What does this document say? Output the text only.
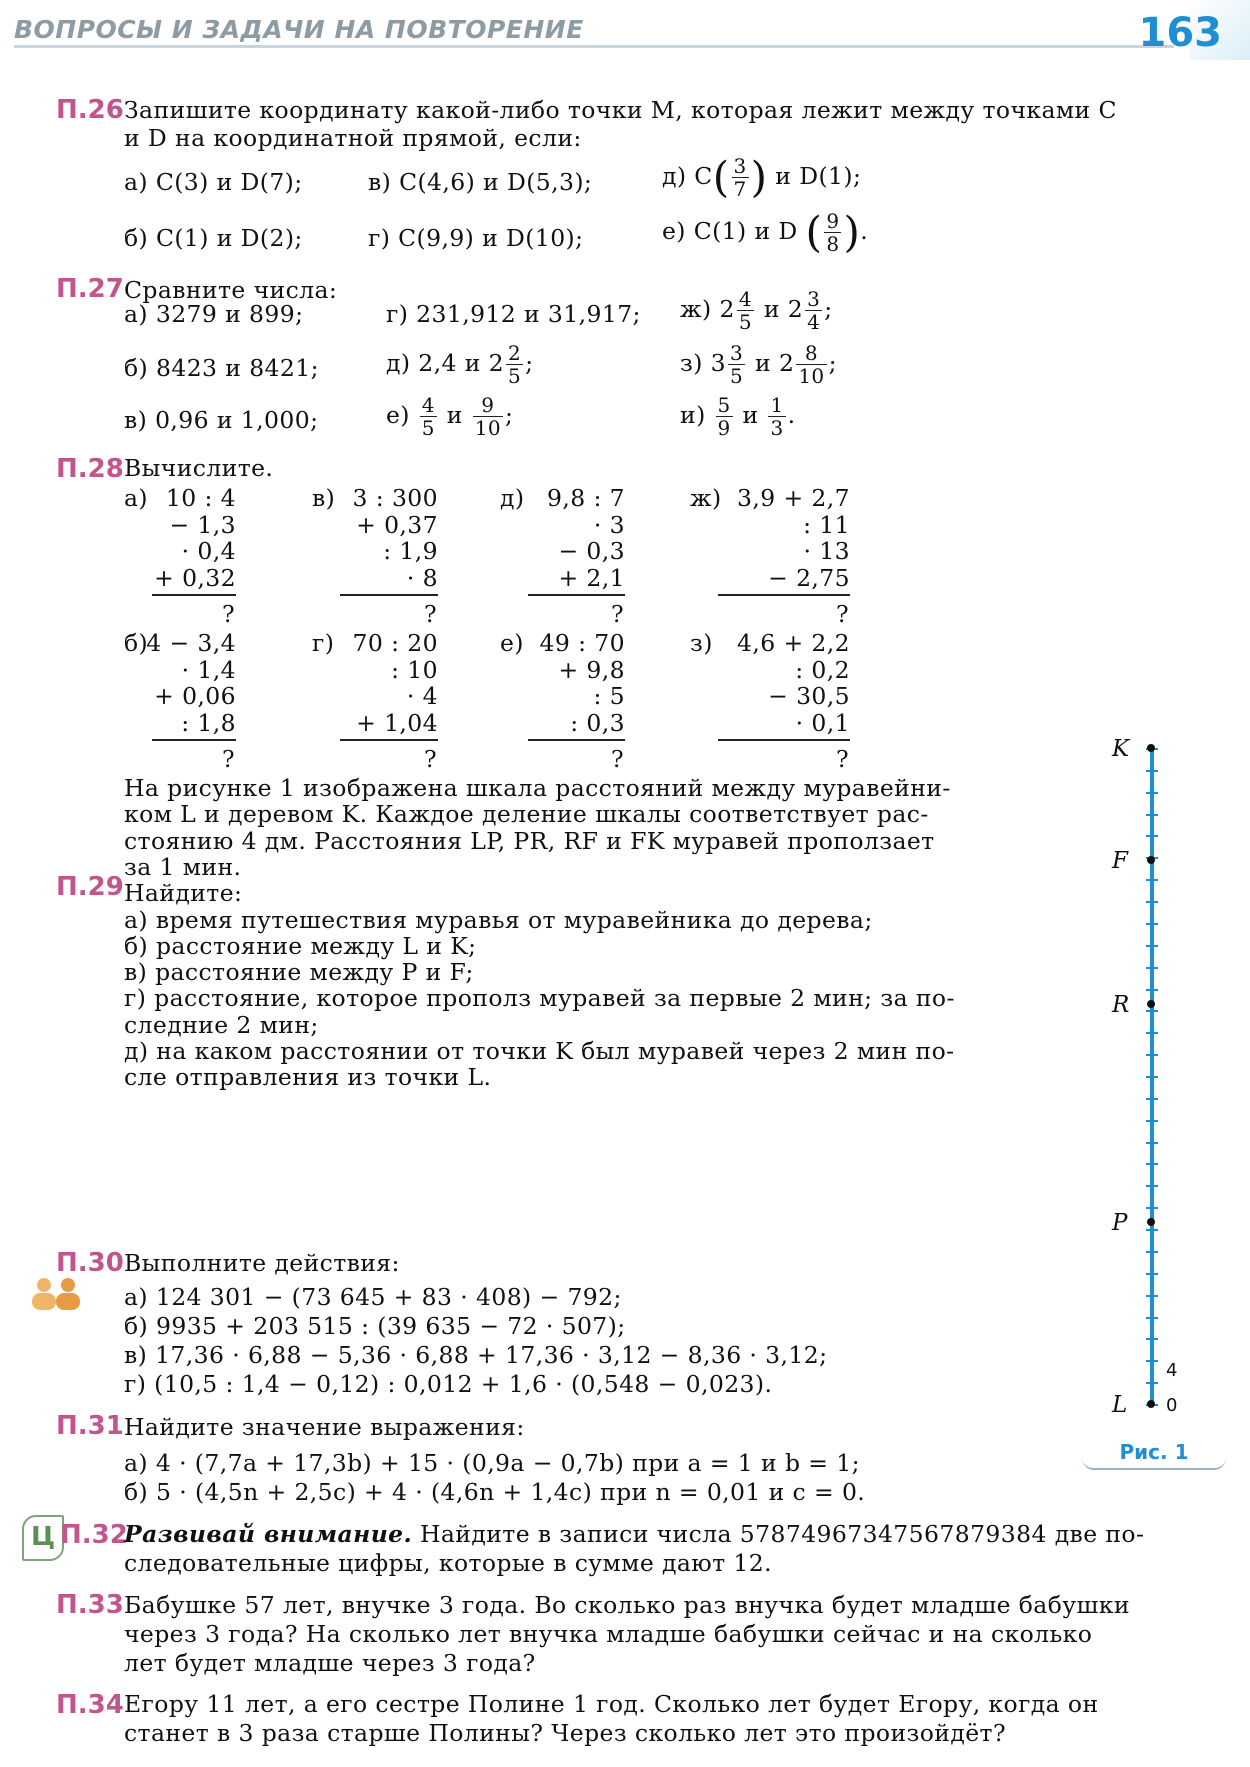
ВОПРОСЫ И ЗАДАЧИ НА ПОВТОРЕНИЕ	163
П.26 Запишите координату какой-либо точки M, которая лежит между точками C
и D на координатной прямой, если:
а) C(3) и D(7);	в) C(4,6) и D(5,3);	д) $C( \frac{3}{7}$ ) и D(1);
б) C(1) и D(2);	г) C(9,9) и D(10);	е) C(1) и D ( $\frac{9}{8}$ ).
П.27 Сравните числа:
а) 3279 и 899;	г) 231,912 и 31,917; ж) $2 \frac{4}{5}$ и $2 \frac{3}{4}$ ;
б) 8423 и 8421;	д) 2,4 и $2 \frac{2}{5}$ ;	з) $3 \frac{3}{5}$ и $2 \frac{8}{10}$ ;
в) 0,96 и 1,000;	$е) \frac{4}{5}$ и $\frac{9}{10}$ ;	$и) \frac{5}{9}$ и $\frac{1}{3}$ .
П.28 Вычислите.
а) 10 : 4
− 1,3
· 0,4
+ 0,32
?
в) 3 : 300
+ 0,37
: 1,9
· 8
?
д) 9,8 : 7
· 3
− 0,3
+ 2,1
?
ж) 3,9 + 2,7
: 11
· 13
− 2,75
?
б)
4 − 3,4
· 1,4
+ 0,06
: 1,8
?
г) 70 : 20
: 10
· 4
+ 1,04
?
е) 49 : 70
+ 9,8
: 5
: 0,3
?
з) 4,6 + 2,2
: 0,2
− 30,5
· 0,1
?
П.29
На рисунке 1 изображена шкала расстояний между муравейни-
ком L и деревом K. Каждое деление шкалы соответствует рас-
стоянию 4 дм. Расстояния LP, PR, RF и FK муравей проползает
за 1 мин.
Найдите:
а) время путешествия муравья от муравейника до дерева;
б) расстояние между L и K;
в) расстояние между P и F;
г) расстояние, которое прополз муравей за первые 2 мин; за по-
следние 2 мин;
д) на каком расстоянии от точки K был муравей через 2 мин по-
сле отправления из точки L.
K
F
R
P
L
4
0
Рис. 1
П.30 Выполните действия:
а) 124 301 − (73 645 + 83 · 408) − 792;
б) 9935 + 203 515 : (39 635 − 72 · 507);
в) 17,36 · 6,88 − 5,36 · 6,88 + 17,36 · 3,12 − 8,36 · 3,12;
г) (10,5 : 1,4 − 0,12) : 0,012 + 1,6 · (0,548 − 0,023).
П.31 Найдите значение выражения:
а) 4 · (7,7a + 17,3b) + 15 · (0,9a − 0,7b) при a = 1 и b = 1;
б) 5 · (4,5n + 2,5c) + 4 · (4,6n + 1,4c) при n = 0,01 и c = 0.
Ц П.32
Развивай внимание. Найдите в записи числа 57874967347567879384 две по-
следовательные цифры, которые в сумме дают 12.
П.33 Бабушке 57 лет, внучке 3 года. Во сколько раз внучка будет младше бабушки
через 3 года? На сколько лет внучка младше бабушки сейчас и на сколько
лет будет младше через 3 года?
П.34 Егору 11 лет, а его сестре Полине 1 год. Сколько лет будет Егору, когда он
станет в 3 раза старше Полины? Через сколько лет это произойдёт?
